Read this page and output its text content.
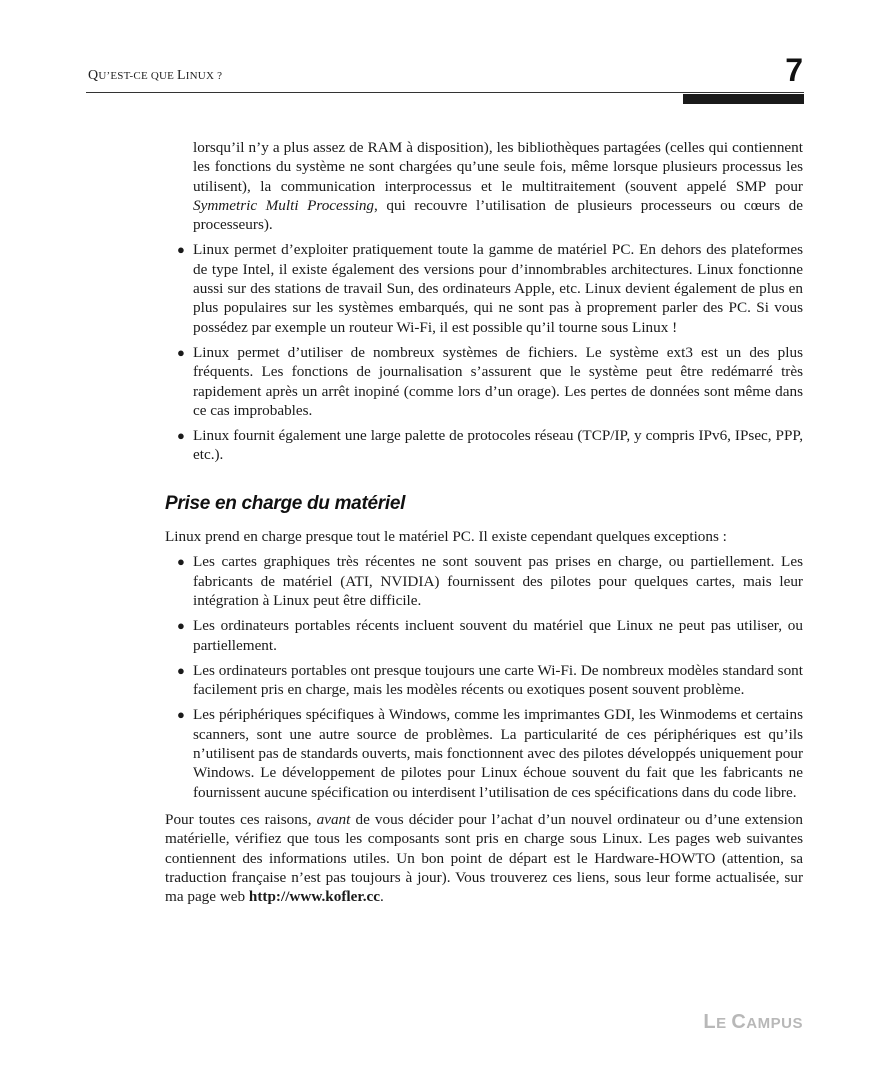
QU’EST-CE QUE LINUX ?	7

lorsqu’il n’y a plus assez de RAM à disposition), les bibliothèques partagées (celles qui contiennent les fonctions du système ne sont chargées qu’une seule fois, même lorsque plusieurs processus les utilisent), la communication interprocessus et le multitraitement (souvent appelé SMP pour Symmetric Multi Processing, qui recouvre l’utilisation de plusieurs processeurs ou cœurs de processeurs).

● Linux permet d’exploiter pratiquement toute la gamme de matériel PC. En dehors des plateformes de type Intel, il existe également des versions pour d’innombrables architectures. Linux fonctionne aussi sur des stations de travail Sun, des ordinateurs Apple, etc. Linux devient également de plus en plus populaires sur les systèmes embarqués, qui ne sont pas à proprement parler des PC. Si vous possédez par exemple un routeur Wi-Fi, il est possible qu’il tourne sous Linux !
● Linux permet d’utiliser de nombreux systèmes de fichiers. Le système ext3 est un des plus fréquents. Les fonctions de journalisation s’assurent que le système peut être redémarré très rapidement après un arrêt inopiné (comme lors d’un orage). Les pertes de données sont même dans ce cas improbables.
● Linux fournit également une large palette de protocoles réseau (TCP/IP, y compris IPv6, IPsec, PPP, etc.).
Prise en charge du matériel

Linux prend en charge presque tout le matériel PC. Il existe cependant quelques exceptions :

● Les cartes graphiques très récentes ne sont souvent pas prises en charge, ou partiellement. Les fabricants de matériel (ATI, NVIDIA) fournissent des pilotes pour quelques cartes, mais leur intégration à Linux peut être difficile.
● Les ordinateurs portables récents incluent souvent du matériel que Linux ne peut pas utiliser, ou partiellement.
● Les ordinateurs portables ont presque toujours une carte Wi-Fi. De nombreux modèles standard sont facilement pris en charge, mais les modèles récents ou exotiques posent souvent problème.
● Les périphériques spécifiques à Windows, comme les imprimantes GDI, les Winmodems et certains scanners, sont une autre source de problèmes. La particularité de ces périphériques est qu’ils n’utilisent pas de standards ouverts, mais fonctionnent avec des pilotes développés uniquement pour Windows. Le développement de pilotes pour Linux échoue souvent du fait que les fabricants ne fournissent aucune spécification ou interdisent l’utilisation de ces spécifications dans du code libre.

Pour toutes ces raisons, avant de vous décider pour l’achat d’un nouvel ordinateur ou d’une extension matérielle, vérifiez que tous les composants sont pris en charge sous Linux. Les pages web suivantes contiennent des informations utiles. Un bon point de départ est le Hardware-HOWTO (attention, sa traduction française n’est pas toujours à jour). Vous trouverez ces liens, sous leur forme actualisée, sur ma page web http://www.kofler.cc.

LE CAMPUS
